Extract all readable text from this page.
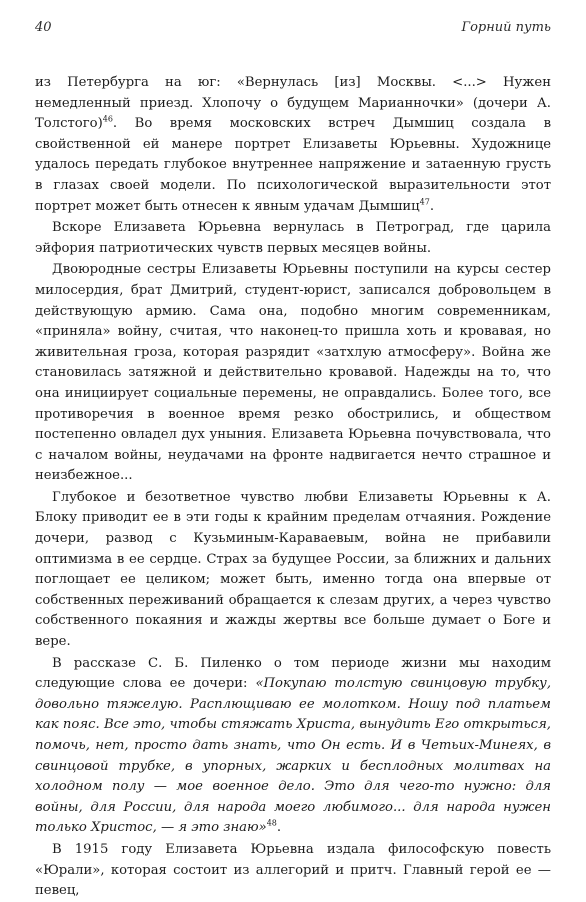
40	Горний путь

из Петербурга на юг: «Вернулась [из] Москвы. <...> Нужен немедленный приезд. Хлопочу о будущем Марианночки» (дочери А. Толстого)$^{46}$. Во время московских встреч Дымшиц создала в свойственной ей манере портрет Елизаветы Юрьевны. Художнице удалось передать глубокое внутреннее напряжение и затаенную грусть в глазах своей модели. По психологической выразительности этот портрет может быть отнесен к явным удачам Дымшиц$^{47}$.

Вскоре Елизавета Юрьевна вернулась в Петроград, где царила эйфория патриотических чувств первых месяцев войны.

Двоюродные сестры Елизаветы Юрьевны поступили на курсы сестер милосердия, брат Дмитрий, студент-юрист, записался добровольцем в действующую армию. Сама она, подобно многим современникам, «приняла» войну, считая, что наконец-то пришла хоть и кровавая, но живительная гроза, которая разрядит «затхлую атмосферу». Война же становилась затяжной и действительно кровавой. Надежды на то, что она инициирует социальные перемены, не оправдались. Более того, все противоречия в военное время резко обострились, и обществом постепенно овладел дух уныния. Елизавета Юрьевна почувствовала, что с началом войны, неудачами на фронте надвигается нечто страшное и неизбежное...

Глубокое и безответное чувство любви Елизаветы Юрьевны к А. Блоку приводит ее в эти годы к крайним пределам отчаяния. Рождение дочери, развод с Кузьминым-Караваевым, война не прибавили оптимизма в ее сердце. Страх за будущее России, за ближних и дальних поглощает ее целиком; может быть, именно тогда она впервые от собственных переживаний обращается к слезам других, а через чувство собственного покаяния и жажды жертвы все больше думает о Боге и вере.

В рассказе С. Б. Пиленко о том периоде жизни мы находим следующие слова ее дочери: «Покупаю толстую свинцовую трубку, довольно тяжелую. Расплющиваю ее молотком. Ношу под платьем как пояс. Все это, чтобы стяжать Христа, вынудить Его открыться, помочь, нет, просто дать знать, что Он есть. И в Четьих-Минеях, в свинцовой трубке, в упорных, жарких и бесплодных молитвах на холодном полу — мое военное дело. Это для чего-то нужно: для войны, для России, для народа моего любимого... для народа нужен только Христос, — я это знаю»$^{48}$.

В 1915 году Елизавета Юрьевна издала философскую повесть «Юрали», которая состоит из аллегорий и притч. Главный герой ее — певец,
